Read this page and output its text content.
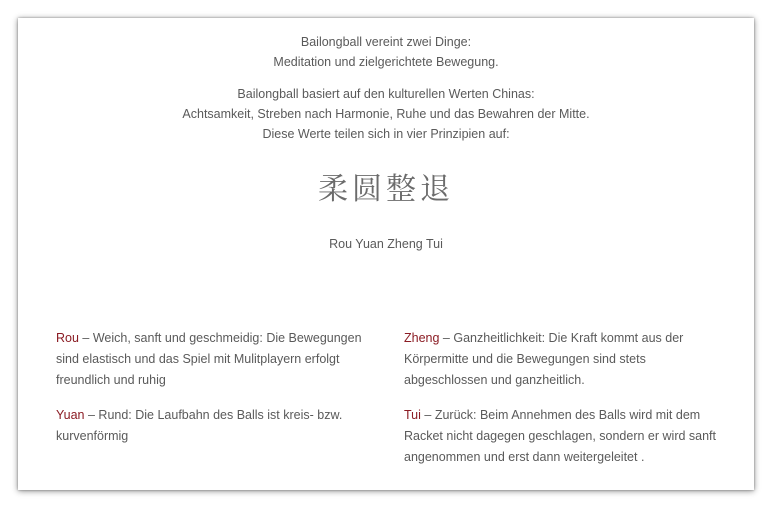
Bailongball vereint zwei Dinge:
Meditation und zielgerichtete Bewegung.

Bailongball basiert auf den kulturellen Werten Chinas:
Achtsamkeit, Streben nach Harmonie, Ruhe und das Bewahren der Mitte.
Diese Werte teilen sich in vier Prinzipien auf:

柔圆整退
Rou Yuan Zheng Tui
Rou – Weich, sanft und geschmeidig: Die Bewegungen sind elastisch und das Spiel mit Mulitplayern erfolgt freundlich und ruhig
Yuan – Rund: Die Laufbahn des Balls ist kreis- bzw. kurvenförmig
Zheng – Ganzheitlichkeit: Die Kraft kommt aus der Körpermitte und die Bewegungen sind stets abgeschlossen und ganzheitlich.
Tui – Zurück: Beim Annehmen des Balls wird mit dem Racket nicht dagegen geschlagen, sondern er wird sanft angenommen und erst dann weitergeleitet .
